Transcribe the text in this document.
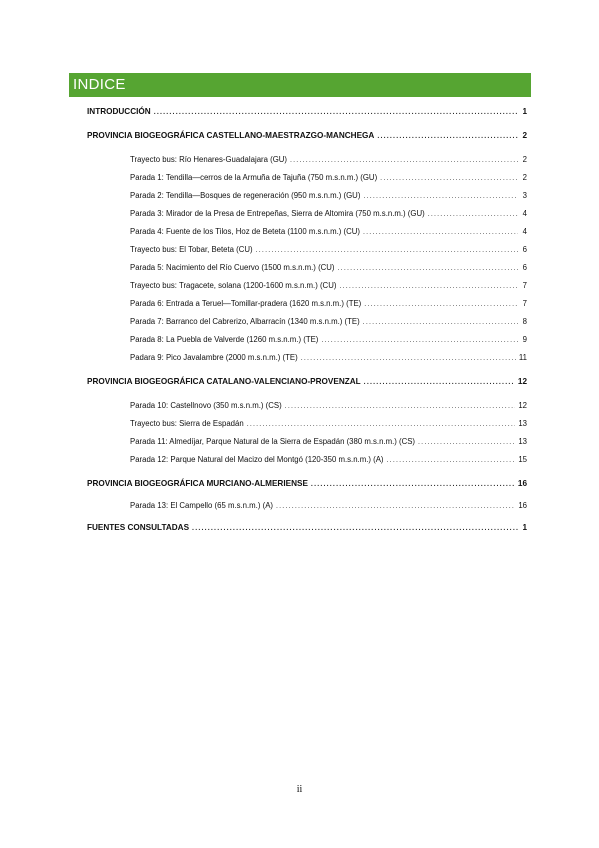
INDICE
INTRODUCCIÓN .....	1
PROVINCIA BIOGEOGRÁFICA CASTELLANO-MAESTRAZGO-MANCHEGA .....	2
Trayecto bus: Río Henares-Guadalajara (GU) .....	2
Parada 1: Tendilla—cerros de la Armuña de Tajuña (750 m.s.n.m.) (GU) .....	2
Parada 2: Tendilla—Bosques de regeneración (950 m.s.n.m.) (GU) .....	3
Parada 3: Mirador de la Presa de Entrepeñas, Sierra de Altomira (750 m.s.n.m.) (GU) .....	4
Parada 4: Fuente de los Tilos, Hoz de Beteta (1100 m.s.n.m.) (CU) .....	4
Trayecto bus: El Tobar, Beteta (CU) .....	6
Parada 5: Nacimiento del Río Cuervo (1500 m.s.n.m.) (CU) .....	6
Trayecto bus: Tragacete, solana (1200-1600 m.s.n.m.) (CU) .....	7
Parada 6: Entrada a Teruel—Tomillar-pradera (1620 m.s.n.m.) (TE) .....	7
Parada 7: Barranco del Cabrerizo, Albarracín (1340 m.s.n.m.) (TE) .....	8
Parada 8: La Puebla de Valverde (1260 m.s.n.m.) (TE) .....	9
Padara 9: Pico Javalambre (2000 m.s.n.m.) (TE) .....	11
PROVINCIA BIOGEOGRÁFICA CATALANO-VALENCIANO-PROVENZAL .....	12
Parada 10: Castellnovo (350 m.s.n.m.) (CS) .....	12
Trayecto bus: Sierra de Espadán .....	13
Parada 11: Almedíjar, Parque Natural de la Sierra de Espadán (380 m.s.n.m.) (CS) .....	13
Parada 12: Parque Natural del Macizo del Montgó (120-350 m.s.n.m.) (A) .....	15
PROVINCIA BIOGEOGRÁFICA MURCIANO-ALMERIENSE .....	16
Parada 13: El Campello (65 m.s.n.m.) (A) .....	16
FUENTES CONSULTADAS .....	1
ii
